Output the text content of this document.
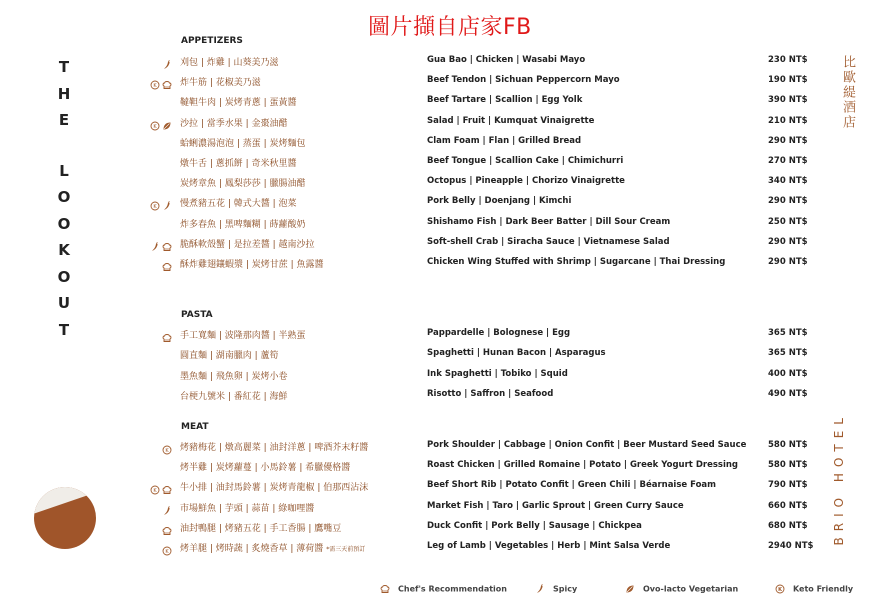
圖片擷自店家FB
T
H
E
L
O
O
K
O
U
T
比歐緹酒店
BRIO HOTEL
APPETIZERS
刈包 | 炸雞 | 山葵美乃滋	Gua Bao | Chicken | Wasabi Mayo	230 NT$
K	炸牛筋 | 花椒美乃滋	Beef Tendon | Sichuan Peppercorn Mayo	190 NT$
韃靼牛肉 | 炭烤青蔥 | 蛋黃醬	Beef Tartare | Scallion | Egg Yolk	390 NT$
K	沙拉 | 當季水果 | 金棗油醋	Salad | Fruit | Kumquat Vinaigrette	210 NT$
蛤蜊濃湯泡泡 | 蒸蛋 | 炭烤麵包	Clam Foam | Flan | Grilled Bread	290 NT$
燉牛舌 | 蔥抓餅 | 奇米秋里醬	Beef Tongue | Scallion Cake | Chimichurri	270 NT$
炭烤章魚 | 鳳梨莎莎 | 臘腸油醋	Octopus | Pineapple | Chorizo Vinaigrette	340 NT$
K	慢煮豬五花 | 韓式大醬 | 泡菜	Pork Belly | Doenjang | Kimchi	290 NT$
炸多春魚 | 黑啤麵糊 | 蒔蘿酸奶	Shishamo Fish | Dark Beer Batter | Dill Sour Cream	250 NT$
脆酥軟殼蟹 | 是拉差醬 | 越南沙拉	Soft-shell Crab | Siracha Sauce | Vietnamese Salad	290 NT$
酥炸雞翅鑲蝦漿 | 炭烤甘蔗 | 魚露醬	Chicken Wing Stuffed with Shrimp | Sugarcane | Thai Dressing	290 NT$
PASTA
手工寬麵 | 波隆那肉醬 | 半熟蛋	Pappardelle | Bolognese | Egg	365 NT$
圓直麵 | 湖南臘肉 | 蘆筍	Spaghetti | Hunan Bacon | Asparagus	365 NT$
墨魚麵 | 飛魚卵 | 炭烤小卷	Ink Spaghetti | Tobiko | Squid	400 NT$
台梗九號米 | 番紅花 | 海鮮	Risotto | Saffron | Seafood	490 NT$
MEAT
K 烤豬梅花 | 燉高麗菜 | 油封洋蔥 | 啤酒芥末籽醬	Pork Shoulder | Cabbage | Onion Confit | Beer Mustard Seed Sauce	580 NT$
烤半雞 | 炭烤蘿蔓 | 小馬鈴薯 | 希臘優格醬	Roast Chicken | Grilled Romaine | Potato | Greek Yogurt Dressing	580 NT$
K	牛小排 | 油封馬鈴薯 | 炭烤青龍椒 | 伯那西沾沫	Beef Short Rib | Potato Confit | Green Chili | Béarnaise Foam	790 NT$
市場鮮魚 | 芋頭 | 蒜苗 | 綠咖哩醬	Market Fish | Taro | Garlic Sprout | Green Curry Sauce	660 NT$
油封鴨腿 | 烤豬五花 | 手工香腸 | 鷹嘴豆	Duck Confit | Pork Belly | Sausage | Chickpea	680 NT$
K 烤羊腿 | 烤時蔬 | 炙燒香草 | 薄荷醬 *需三天前預訂	Leg of Lamb | Vegetables | Herb | Mint Salsa Verde	2940 NT$
Chef's Recommendation	Spicy	Ovo-lacto Vegetarian	K Keto Friendly
